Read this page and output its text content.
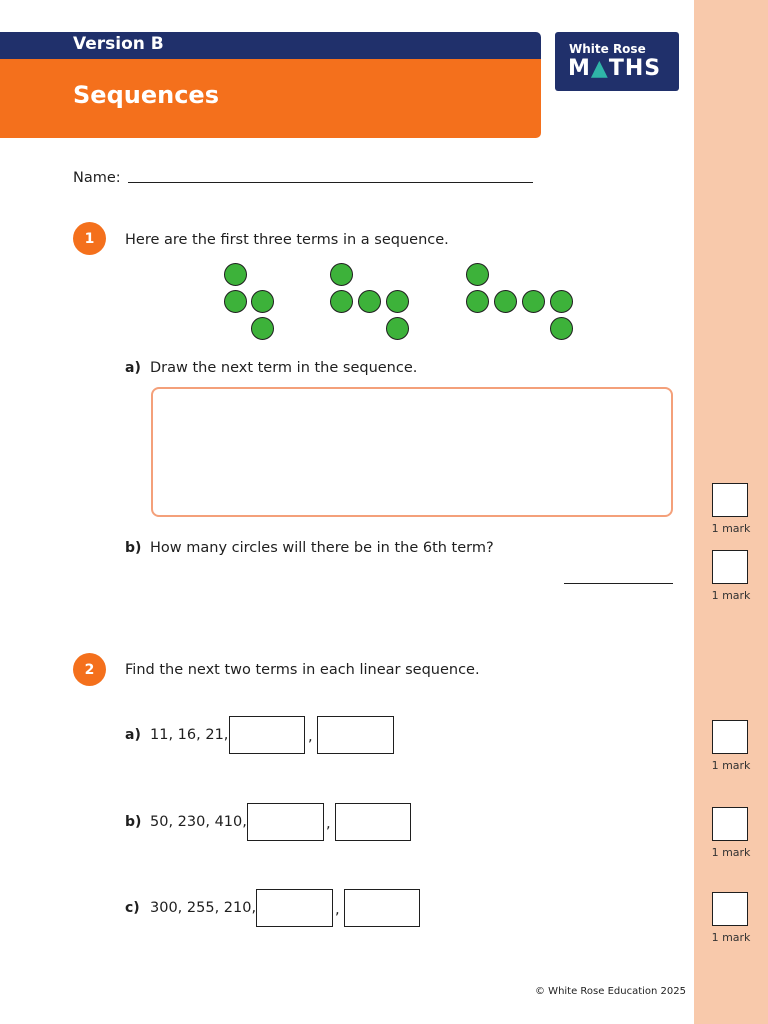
Version B
Sequences
White Rose
M▲THS
Name:
1	Here are the first three terms in a sequence.
a) Draw the next term in the sequence.
b) How many circles will there be in the 6th term?
2	Find the next two terms in each linear sequence.
a) 11, 16, 21,	,
b) 50, 230, 410,	,
c) 300, 255, 210,	,
1 mark
1 mark
1 mark
1 mark
1 mark
© White Rose Education 2025
